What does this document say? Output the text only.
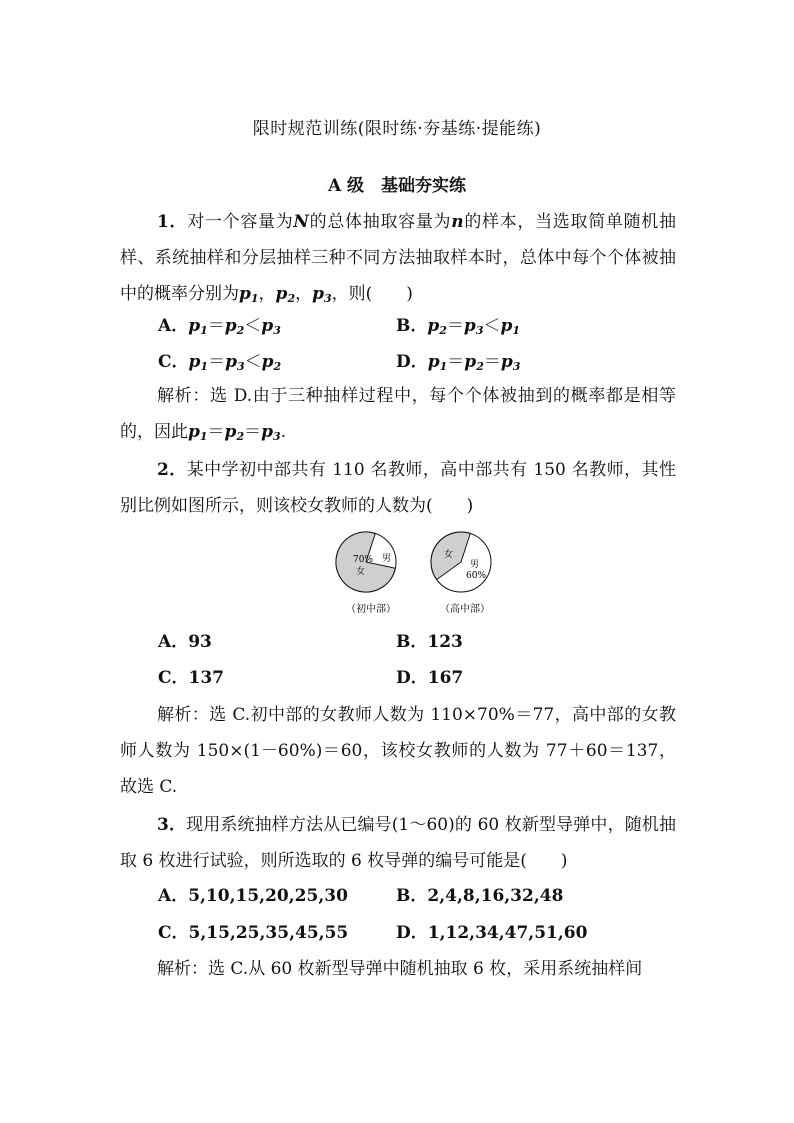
限时规范训练(限时练·夯基练·提能练)
A 级　基础夯实练
1．对一个容量为N的总体抽取容量为n的样本，当选取简单随机抽样、系统抽样和分层抽样三种不同方法抽取样本时，总体中每个个体被抽中的概率分别为$p_1$，$p_2$，$p_3$，则(　　)
A．$p_1=p_2<p_3$	B．$p_2=p_3<p_1$
C．$p_1=p_3<p_2$	D．$p_1=p_2=p_3$
解析：选 D.由于三种抽样过程中，每个个体被抽到的概率都是相等的，因此$p_1=p_2=p_3$.
2．某中学初中部共有 110 名教师，高中部共有 150 名教师，其性别比例如图所示，则该校女教师的人数为(　　)
70%
女
男
（初中部）
女
男
60%
（高中部）
A．93	B．123
C．137	D．167
解析：选 C.初中部的女教师人数为 110×70%＝77，高中部的女教师人数为 150×(1－60%)＝60，该校女教师的人数为 77＋60＝137，故选 C.
3．现用系统抽样方法从已编号(1～60)的 60 枚新型导弹中，随机抽取 6 枚进行试验，则所选取的 6 枚导弹的编号可能是(　　)
A．5,10,15,20,25,30	B．2,4,8,16,32,48
C．5,15,25,35,45,55	D．1,12,34,47,51,60
解析：选 C.从 60 枚新型导弹中随机抽取 6 枚，采用系统抽样间
